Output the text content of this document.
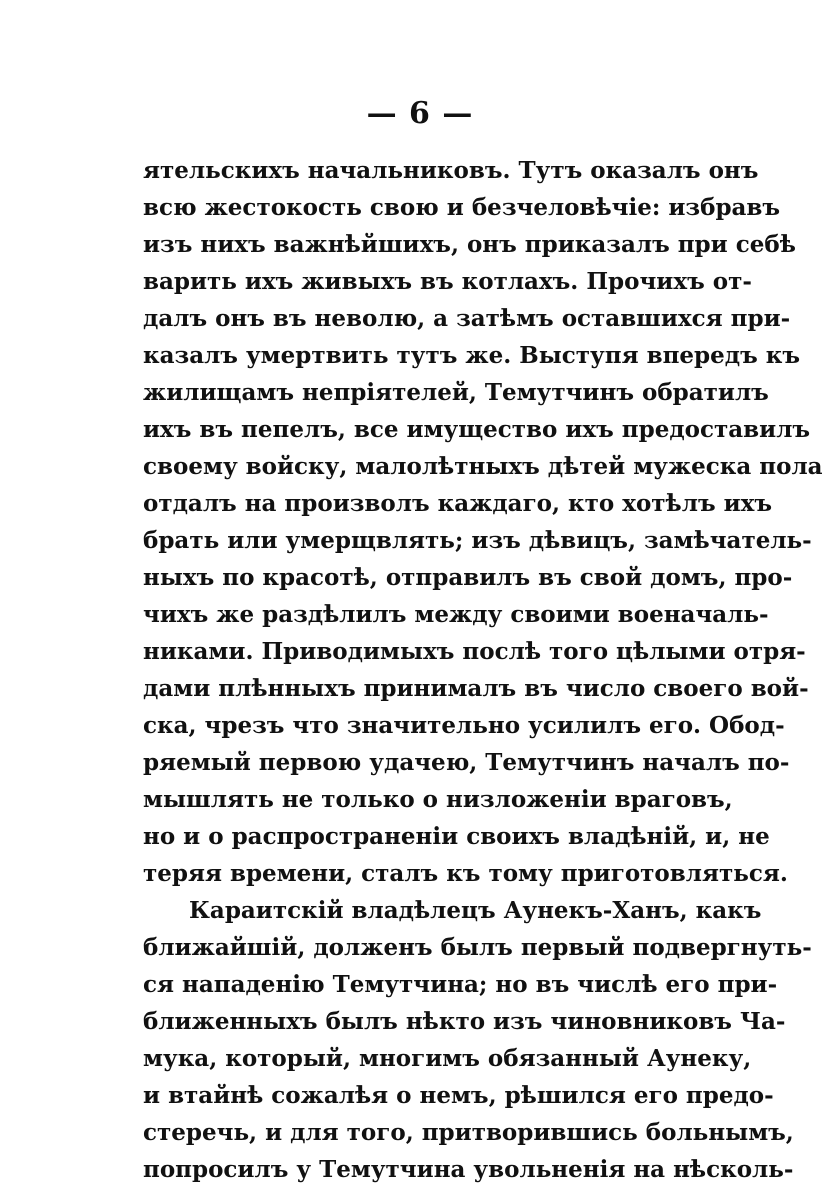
— 6 —
ятельскихъ начальниковъ. Тутъ оказалъ онъ
всю жестокость свою и безчеловѣчіе: избравъ
изъ нихъ важнѣйшихъ, онъ приказалъ при себѣ
варить ихъ живыхъ въ котлахъ. Прочихъ от-
далъ онъ въ неволю, а затѣмъ оставшихся при-
казалъ умертвить тутъ же. Выступя впередъ къ
жилищамъ непріятелей, Темутчинъ обратилъ
ихъ въ пепелъ, все имущество ихъ предоставилъ
своему войску, малолѣтныхъ дѣтей мужеска пола
отдалъ на произволъ каждаго, кто хотѣлъ ихъ
брать или умерщвлять; изъ дѣвицъ, замѣчатель-
ныхъ по красотѣ, отправилъ въ свой домъ, про-
чихъ же раздѣлилъ между своими военачаль-
никами. Приводимыхъ послѣ того цѣлыми отря-
дами плѣнныхъ принималъ въ число своего вой-
ска, чрезъ что значительно усилилъ его. Обод-
ряемый первою удачею, Темутчинъ началъ по-
мышлять не только о низложеніи враговъ,
но и о распространеніи своихъ владѣній, и, не
теряя времени, сталъ къ тому приготовляться.
Караитскій владѣлецъ Аунекъ-Ханъ, какъ
ближайшій, долженъ былъ первый подвергнуть-
ся нападенію Темутчина; но въ числѣ его при-
ближенныхъ былъ нѣкто изъ чиновниковъ Ча-
мука, который, многимъ обязанный Аунеку,
и втайнѣ сожалѣя о немъ, рѣшился его предо-
стеречь, и для того, притворившись больнымъ,
попросилъ у Темутчина увольненія на нѣсколь-
